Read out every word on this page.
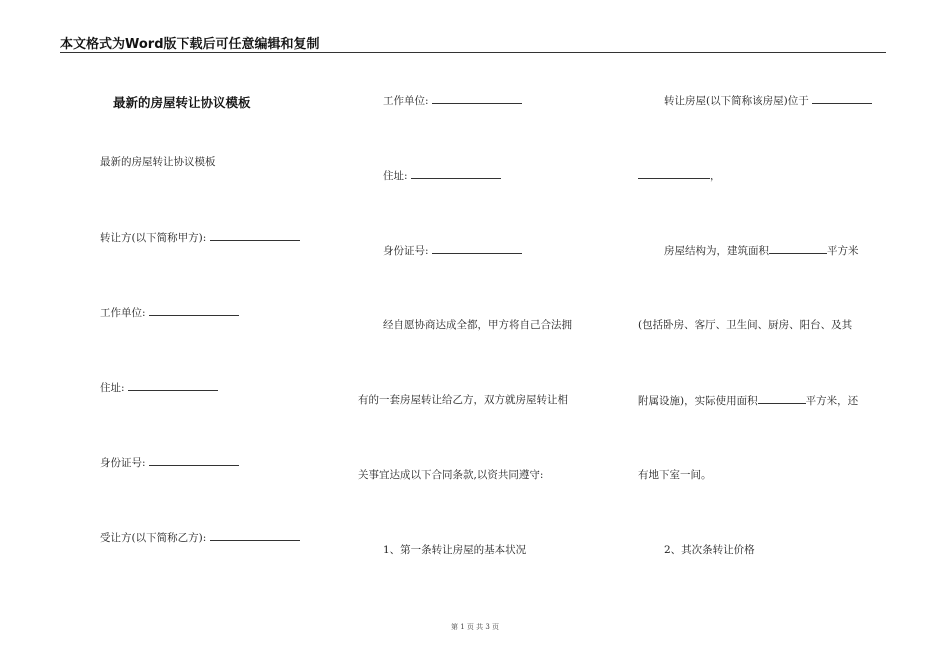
本文格式为Word版下载后可任意编辑和复制
最新的房屋转让协议模板
最新的房屋转让协议模板
转让方(以下简称甲方):
工作单位:
住址:
身份证号:
受让方(以下简称乙方):
工作单位:
住址:
身份证号:
经自愿协商达成全都，甲方将自己合法拥
有的一套房屋转让给乙方，双方就房屋转让相
关事宜达成以下合同条款,以资共同遵守:
1、第一条转让房屋的基本状况
转让房屋(以下简称该房屋)位于
，
房屋结构为，建筑面积	平方米
(包括卧房、客厅、卫生间、厨房、阳台、及其
附属设施)，实际使用面积	平方米，还
有地下室一间。
2、其次条转让价格
第 1 页 共 3 页
